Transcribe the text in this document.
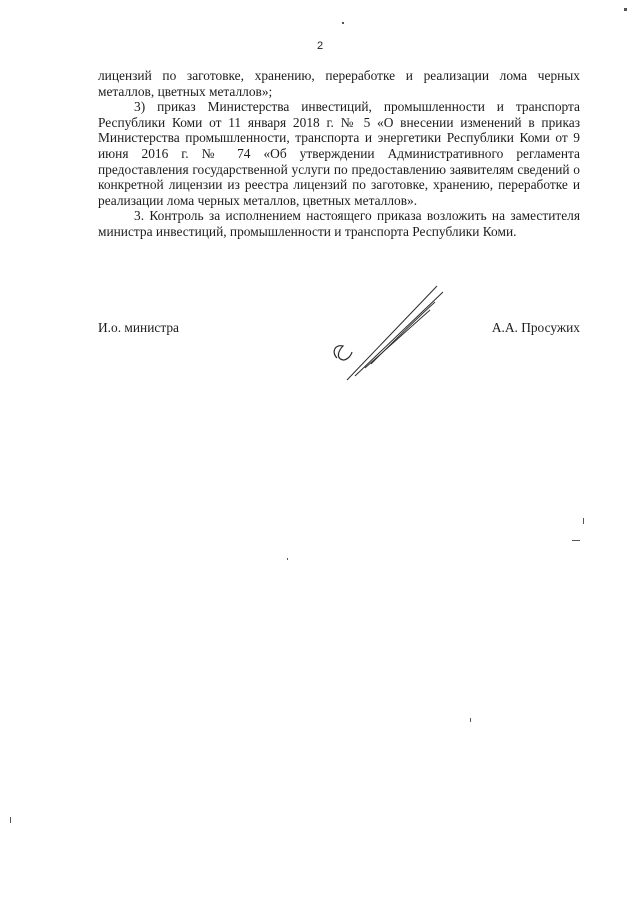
2

лицензий по заготовке, хранению, переработке и реализации лома черных металлов, цветных металлов»;

3) приказ Министерства инвестиций, промышленности и транспорта Республики Коми от 11 января 2018 г. № 5 «О внесении изменений в приказ Министерства промышленности, транспорта и энергетики Республики Коми от 9 июня 2016 г. № 74 «Об утверждении Административного регламента предоставления государственной услуги по предоставлению заявителям сведений о конкретной лицензии из реестра лицензий по заготовке, хранению, переработке и реализации лома черных металлов, цветных металлов».

3. Контроль за исполнением настоящего приказа возложить на заместителя министра инвестиций, промышленности и транспорта Республики Коми.

И.о. министра	А.А. Просужих
